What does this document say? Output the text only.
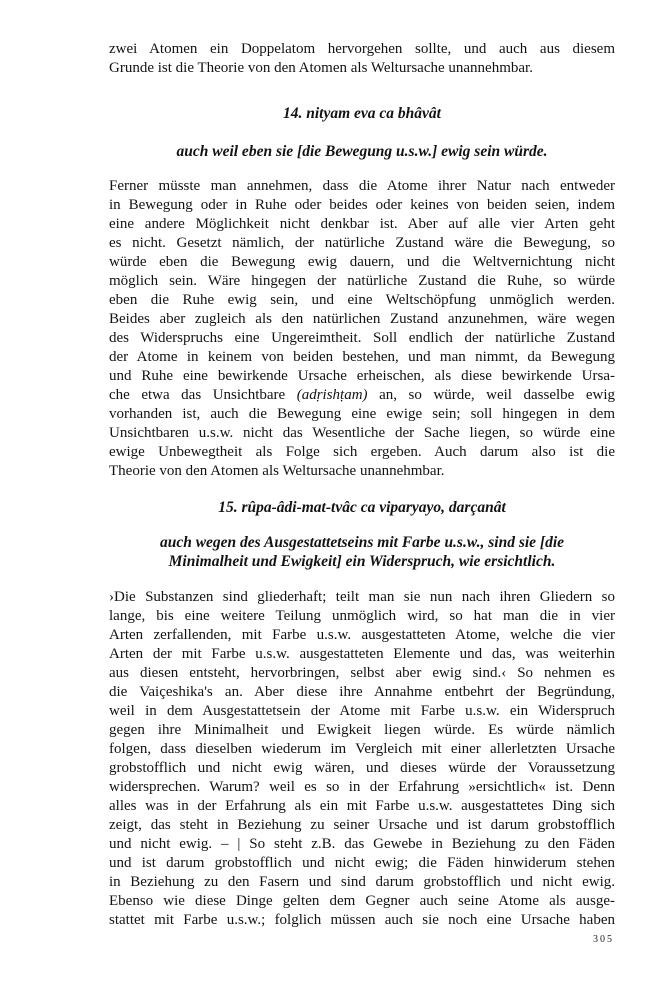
zwei Atomen ein Doppelatom hervorgehen sollte, und auch aus diesem
Grunde ist die Theorie von den Atomen als Weltursache unannehmbar.
14. nityam eva ca bhâvât
auch weil eben sie [die Bewegung u.s.w.] ewig sein würde.
Ferner müsste man annehmen, dass die Atome ihrer Natur nach entweder
in Bewegung oder in Ruhe oder beides oder keines von beiden seien, indem
eine andere Möglichkeit nicht denkbar ist. Aber auf alle vier Arten geht
es nicht. Gesetzt nämlich, der natürliche Zustand wäre die Bewegung, so
würde eben die Bewegung ewig dauern, und die Weltvernichtung nicht
möglich sein. Wäre hingegen der natürliche Zustand die Ruhe, so würde
eben die Ruhe ewig sein, und eine Weltschöpfung unmöglich werden.
Beides aber zugleich als den natürlichen Zustand anzunehmen, wäre wegen
des Widerspruchs eine Ungereimtheit. Soll endlich der natürliche Zustand
der Atome in keinem von beiden bestehen, und man nimmt, da Bewegung
und Ruhe eine bewirkende Ursache erheischen, als diese bewirkende Ursa-
che etwa das Unsichtbare (adṛishṭam) an, so würde, weil dasselbe ewig
vorhanden ist, auch die Bewegung eine ewige sein; soll hingegen in dem
Unsichtbaren u.s.w. nicht das Wesentliche der Sache liegen, so würde eine
ewige Unbewegtheit als Folge sich ergeben. Auch darum also ist die
Theorie von den Atomen als Weltursache unannehmbar.
15. rûpa-âdi-mat-tvâc ca viparyayo, darçanât
auch wegen des Ausgestattetseins mit Farbe u.s.w., sind sie [die
Minimalheit und Ewigkeit] ein Widerspruch, wie ersichtlich.
›Die Substanzen sind gliederhaft; teilt man sie nun nach ihren Gliedern so
lange, bis eine weitere Teilung unmöglich wird, so hat man die in vier
Arten zerfallenden, mit Farbe u.s.w. ausgestatteten Atome, welche die vier
Arten der mit Farbe u.s.w. ausgestatteten Elemente und das, was weiterhin
aus diesen entsteht, hervorbringen, selbst aber ewig sind.‹ So nehmen es
die Vaiçeshika's an. Aber diese ihre Annahme entbehrt der Begründung,
weil in dem Ausgestattetsein der Atome mit Farbe u.s.w. ein Widerspruch
gegen ihre Minimalheit und Ewigkeit liegen würde. Es würde nämlich
folgen, dass dieselben wiederum im Vergleich mit einer allerletzten Ursache
grobstofflich und nicht ewig wären, und dieses würde der Voraussetzung
widersprechen. Warum? weil es so in der Erfahrung »ersichtlich« ist. Denn
alles was in der Erfahrung als ein mit Farbe u.s.w. ausgestattetes Ding sich
zeigt, das steht in Beziehung zu seiner Ursache und ist darum grobstofflich
und nicht ewig. – | So steht z.B. das Gewebe in Beziehung zu den Fäden
und ist darum grobstofflich und nicht ewig; die Fäden hinwiderum stehen
in Beziehung zu den Fasern und sind darum grobstofflich und nicht ewig.
Ebenso wie diese Dinge gelten dem Gegner auch seine Atome als ausge-
stattet mit Farbe u.s.w.; folglich müssen auch sie noch eine Ursache haben
305
